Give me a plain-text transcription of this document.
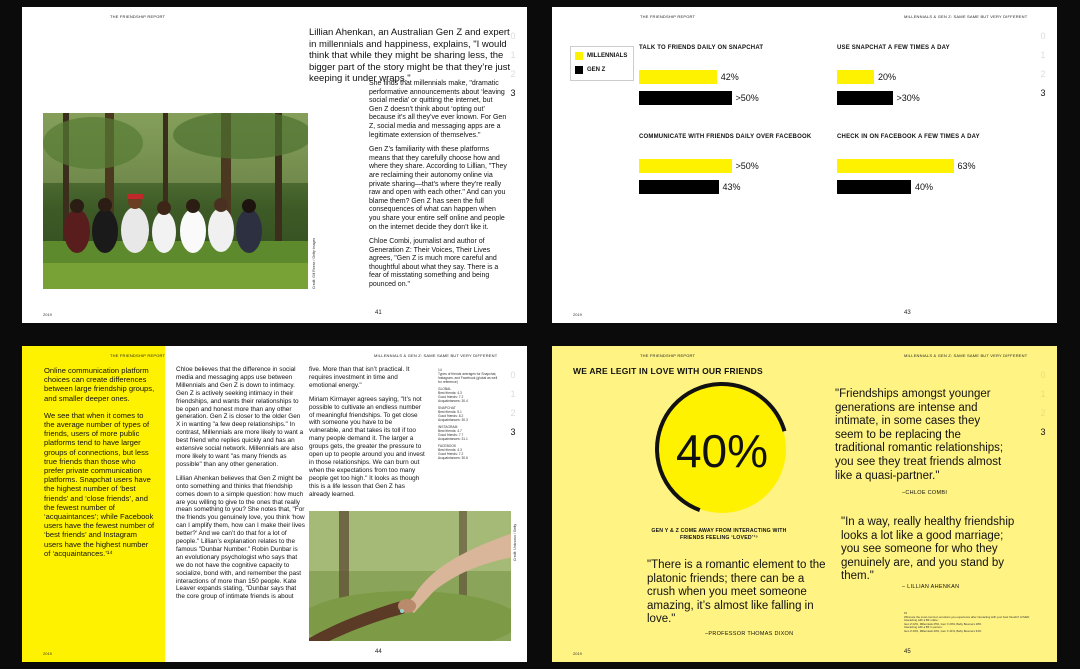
THE FRIENDSHIP REPORT
Credit: Gill Reese / Getty Images
Lillian Ahenkan, an Australian Gen Z and expert in millennials and happiness, explains, "I would think that while they might be sharing less, the bigger part of the story might be that they’re just keeping it under wraps."

She finds that millennials make, "dramatic performative announcements about ‘leaving social media’ or quitting the internet, but Gen Z doesn’t think about ‘opting out’ because it’s all they’ve ever known. For Gen Z, social media and messaging apps are a legitimate extension of themselves."

Gen Z’s familiarity with these platforms means that they carefully choose how and where they share. According to Lillian, "They are reclaiming their autonomy online via private sharing—that’s where they’re really raw and open with each other." And can you blame them? Gen Z has seen the full consequences of what can happen when you share your entire self online and people on the internet decide they don’t like it.

Chloe Combi, journalist and author of Generation Z: Their Voices, Their Lives agrees, "Gen Z is much more careful and thoughtful about what they say. There is a fear of misstating something and being pounced on."

0
1
2
3
2019	41
THE FRIENDSHIP REPORT	MILLENNIALS & GEN Z: SAME SAME BUT VERY DIFFERENT
MILLENNIALS
GEN Z
TALK TO FRIENDS DAILY ON SNAPCHAT
42%
>50%
USE SNAPCHAT A FEW TIMES A DAY
20%
>30%
COMMUNICATE WITH FRIENDS DAILY OVER FACEBOOK
>50%
43%
CHECK IN ON FACEBOOK A FEW TIMES A DAY
63%
40%
0
1
2
3
2019	43
THE FRIENDSHIP REPORT	MILLENNIALS & GEN Z: SAME SAME BUT VERY DIFFERENT

Online communication platform choices can create differences between large friendship groups, and smaller deeper ones.

We see that when it comes to the average number of types of friends, users of more public platforms tend to have larger groups of connections, but less true friends than those who prefer private communication platforms. Snapchat users have the highest number of ‘best friends’ and ‘close friends’, and the fewest number of ‘acquaintances’; while Facebook users have the fewest number of ‘best friends’ and Instagram users have the highest number of ‘acquaintances.’¹⁴

Chloe believes that the difference in social media and messaging apps use between Millennials and Gen Z is down to intimacy. Gen Z is actively seeking intimacy in their friendships, and wants their relationships to be open and honest more than any other generation. Gen Z is closer to the older Gen X in wanting "a few deep relationships." In contrast, Millennials are more likely to want a best friend who replies quickly and has an extensive social network. Millennials are also more likely to want "as many friends as possible" than any other generation.

Lillian Ahenkan believes that Gen Z might be onto something and thinks that friendship comes down to a simple question: how much are you willing to give to the ones that really mean something to you? She notes that, "For the friends you genuinely love, you think ‘how can I amplify them, how can I make their lives better?’ And we can’t do that for a lot of people." Lillian’s explanation relates to the famous "Dunbar Number." Robin Dunbar is an evolutionary psychologist who says that we do not have the cognitive capacity to socialize, bond with, and remember the past interactions of more than 150 people. Kate Leaver expands stating, "Dunbar says that the core group of intimate friends is about

five. More than that isn’t practical. It requires investment in time and emotional energy."

Miriam Kirmayer agrees saying, "It’s not possible to cultivate an endless number of meaningful friendships. To get close with someone you have to be vulnerable, and that takes its toll if too many people demand it. The larger a groups gets, the greater the pressure to open up to people around you and invest in those relationships. We can burn out when the expectations from too many people get too high." It looks as though this is a life lesson that Gen Z has already learned.

14
Types of friends averages for Snapchat, Instagram, and Facebook (global as well for reference)
GLOBAL
Best friends: 4.3
Good friends: 7.2
Acquaintances: 30.4
SNAPCHAT
Best friends: 5.1
Good friends: 8.2
Acquaintances: 30.3
INSTAGRAM
Best friends: 4.7
Good friends: 7.7
Acquaintances: 31.1
FACEBOOK
Best friends: 4.3
Good friends: 7.2
Acquaintances: 30.6
Credit: Unknown / Getty
0
1
2
3
2019	44
THE FRIENDSHIP REPORT	MILLENNIALS & GEN Z: SAME SAME BUT VERY DIFFERENT
WE ARE LEGIT IN LOVE WITH OUR FRIENDS
40%
GEN Y & Z COME AWAY FROM INTERACTING WITH FRIENDS FEELING ‘LOVED’¹⁵
"There is a romantic element to the platonic friends; there can be a crush when you meet someone amazing, it’s almost like falling in love."
–PROFESSOR THOMAS DIXON
"Friendships amongst younger generations are intense and intimate, in some cases they seem to be replacing the traditional romantic relationships; you see they treat friends almost like a quasi-partner."
–CHLOE COMBI
"In a way, really healthy friendship looks a lot like a good marriage; you see someone for who they genuinely are, and you stand by them."
– LILLIAN AHENKAN
15
What are the most common emotions you experience after interacting with your best friends? LOVED
Interacting with a BF online:
Gen Z 22%, Millennials 25%, Gen X 29%, Baby Boomers 18%
Interacting with a BF in person:
Gen Z 40%, Millennials 40%, Gen X 41%, Baby Boomers 33%
0
1
2
3
2019	45
